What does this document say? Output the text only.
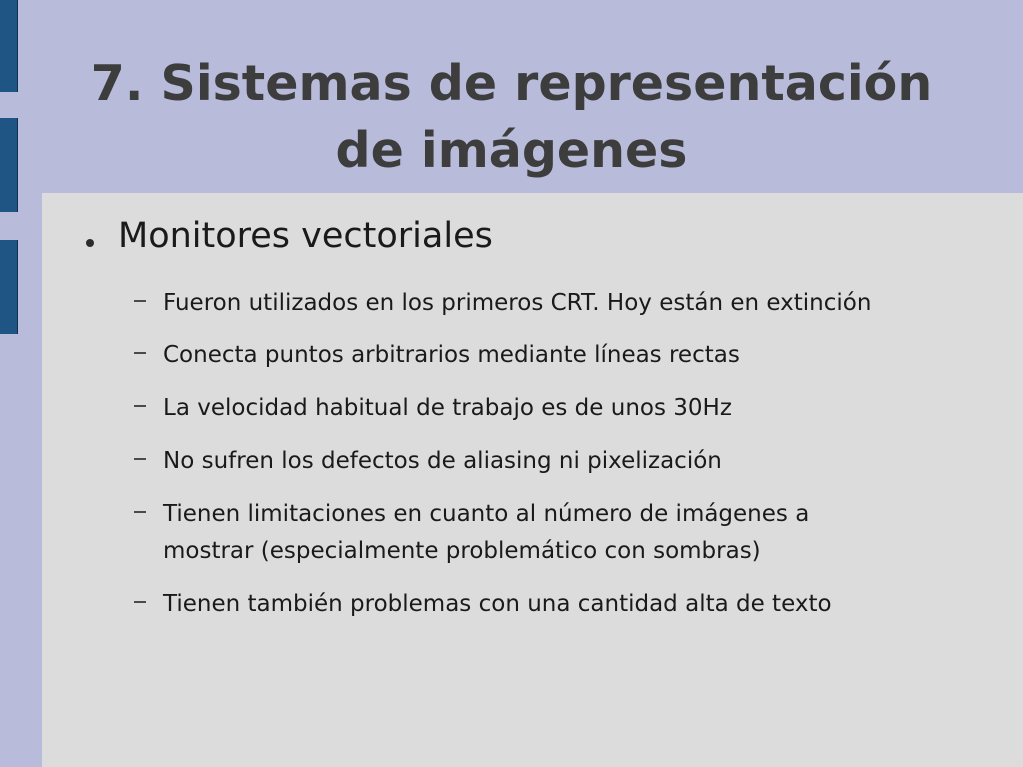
7. Sistemas de representación
de imágenes
Monitores vectoriales
Fueron utilizados en los primeros CRT. Hoy están en extinción
Conecta puntos arbitrarios mediante líneas rectas
La velocidad habitual de trabajo es de unos 30Hz
No sufren los defectos de aliasing ni pixelización
Tienen limitaciones en cuanto al número de imágenes a mostrar (especialmente problemático con sombras)
Tienen también problemas con una cantidad alta de texto
